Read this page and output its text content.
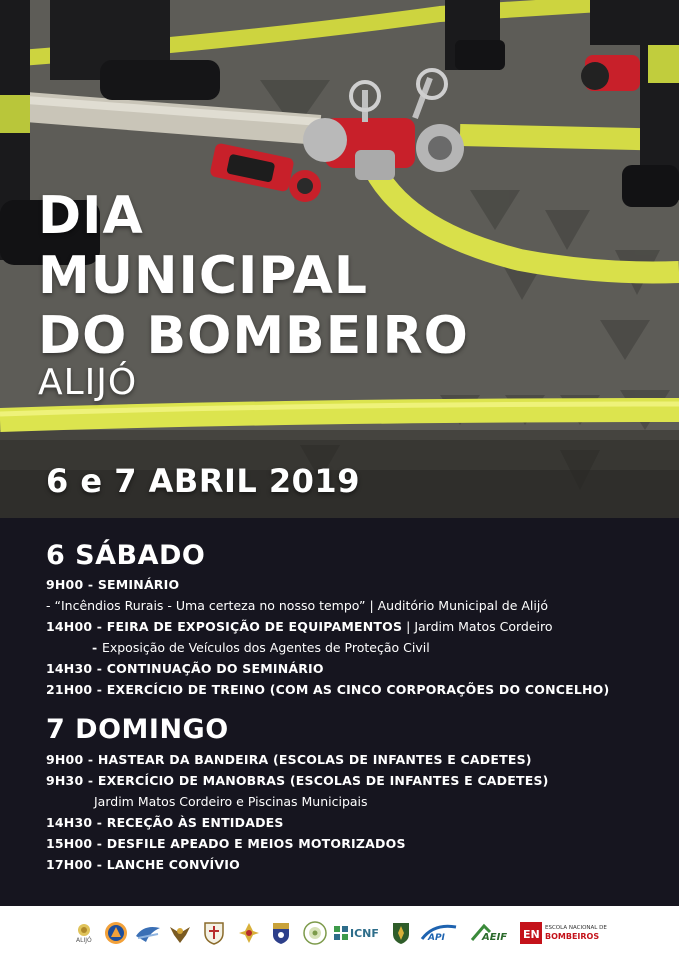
DIA
MUNICIPAL
DO BOMBEIRO
ALIJÓ
6 e 7 ABRIL 2019
6 SÁBADO
9H00 - SEMINÁRIO
- “Incêndios Rurais - Uma certeza no nosso tempo” | Auditório Municipal de Alijó
14H00 - FEIRA DE EXPOSIÇÃO DE EQUIPAMENTOS | Jardim Matos Cordeiro
- Exposição de Veículos dos Agentes de Proteção Civil
14H30 - CONTINUAÇÃO DO SEMINÁRIO
21H00 - EXERCÍCIO DE TREINO (COM AS CINCO CORPORAÇÕES DO CONCELHO)
7 DOMINGO
9H00 - HASTEAR DA BANDEIRA (ESCOLAS DE INFANTES E CADETES)
9H30 - EXERCÍCIO DE MANOBRAS (ESCOLAS DE INFANTES E CADETES)
Jardim Matos Cordeiro e Piscinas Municipais
14H30 - RECEÇÃO ÀS ENTIDADES
15H00 - DESFILE APEADO E MEIOS MOTORIZADOS
17H00 - LANCHE CONVÍVIO
ALIJÓ
ICNF	API	AEIF EN ESCOLA NACIONAL DE
BOMBEIROS
